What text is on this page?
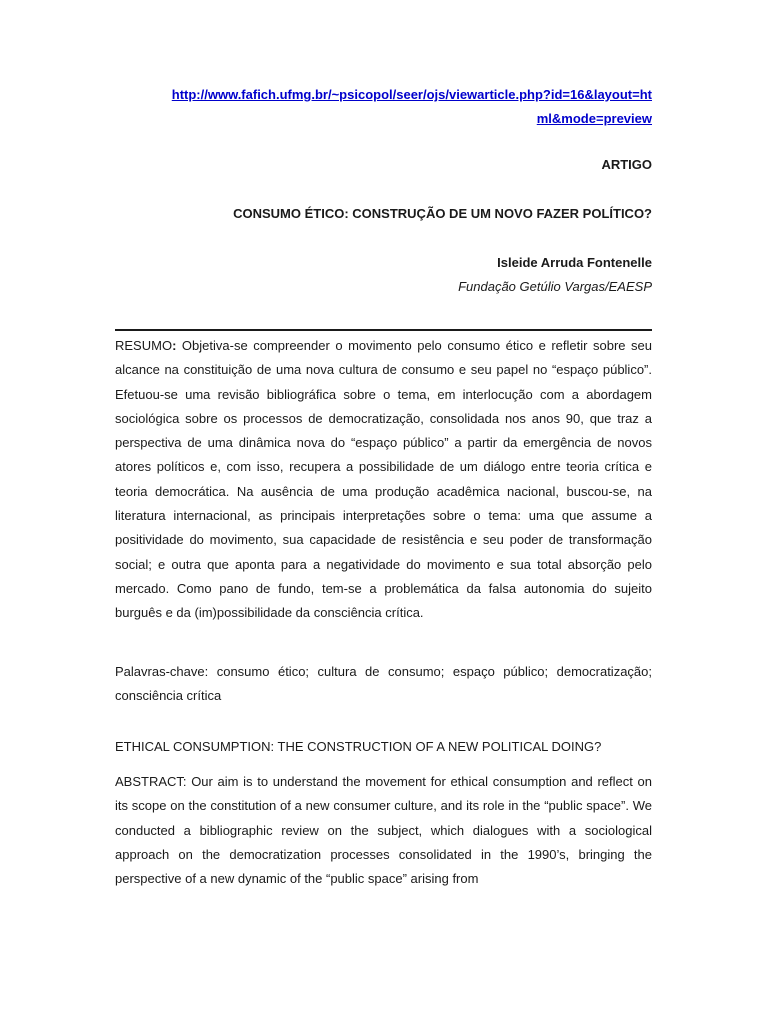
http://www.fafich.ufmg.br/~psicopol/seer/ojs/viewarticle.php?id=16&layout=ht
ml&mode=preview
ARTIGO
CONSUMO ÉTICO: CONSTRUÇÃO DE UM NOVO FAZER POLÍTICO?
Isleide Arruda Fontenelle
Fundação Getúlio Vargas/EAESP

RESUMO: Objetiva-se compreender o movimento pelo consumo ético e refletir sobre seu alcance na constituição de uma nova cultura de consumo e seu papel no “espaço público”. Efetuou-se uma revisão bibliográfica sobre o tema, em interlocução com a abordagem sociológica sobre os processos de democratização, consolidada nos anos 90, que traz a perspectiva de uma dinâmica nova do “espaço público” a partir da emergência de novos atores políticos e, com isso, recupera a possibilidade de um diálogo entre teoria crítica e teoria democrática. Na ausência de uma produção acadêmica nacional, buscou-se, na literatura internacional, as principais interpretações sobre o tema: uma que assume a positividade do movimento, sua capacidade de resistência e seu poder de transformação social; e outra que aponta para a negatividade do movimento e sua total absorção pelo mercado. Como pano de fundo, tem-se a problemática da falsa autonomia do sujeito burguês e da (im)possibilidade da consciência crítica.

Palavras-chave: consumo ético; cultura de consumo; espaço público; democratização; consciência crítica

ETHICAL CONSUMPTION: THE CONSTRUCTION OF A NEW POLITICAL DOING?

ABSTRACT: Our aim is to understand the movement for ethical consumption and reflect on its scope on the constitution of a new consumer culture, and its role in the “public space”. We conducted a bibliographic review on the subject, which dialogues with a sociological approach on the democratization processes consolidated in the 1990’s, bringing the perspective of a new dynamic of the “public space” arising from
